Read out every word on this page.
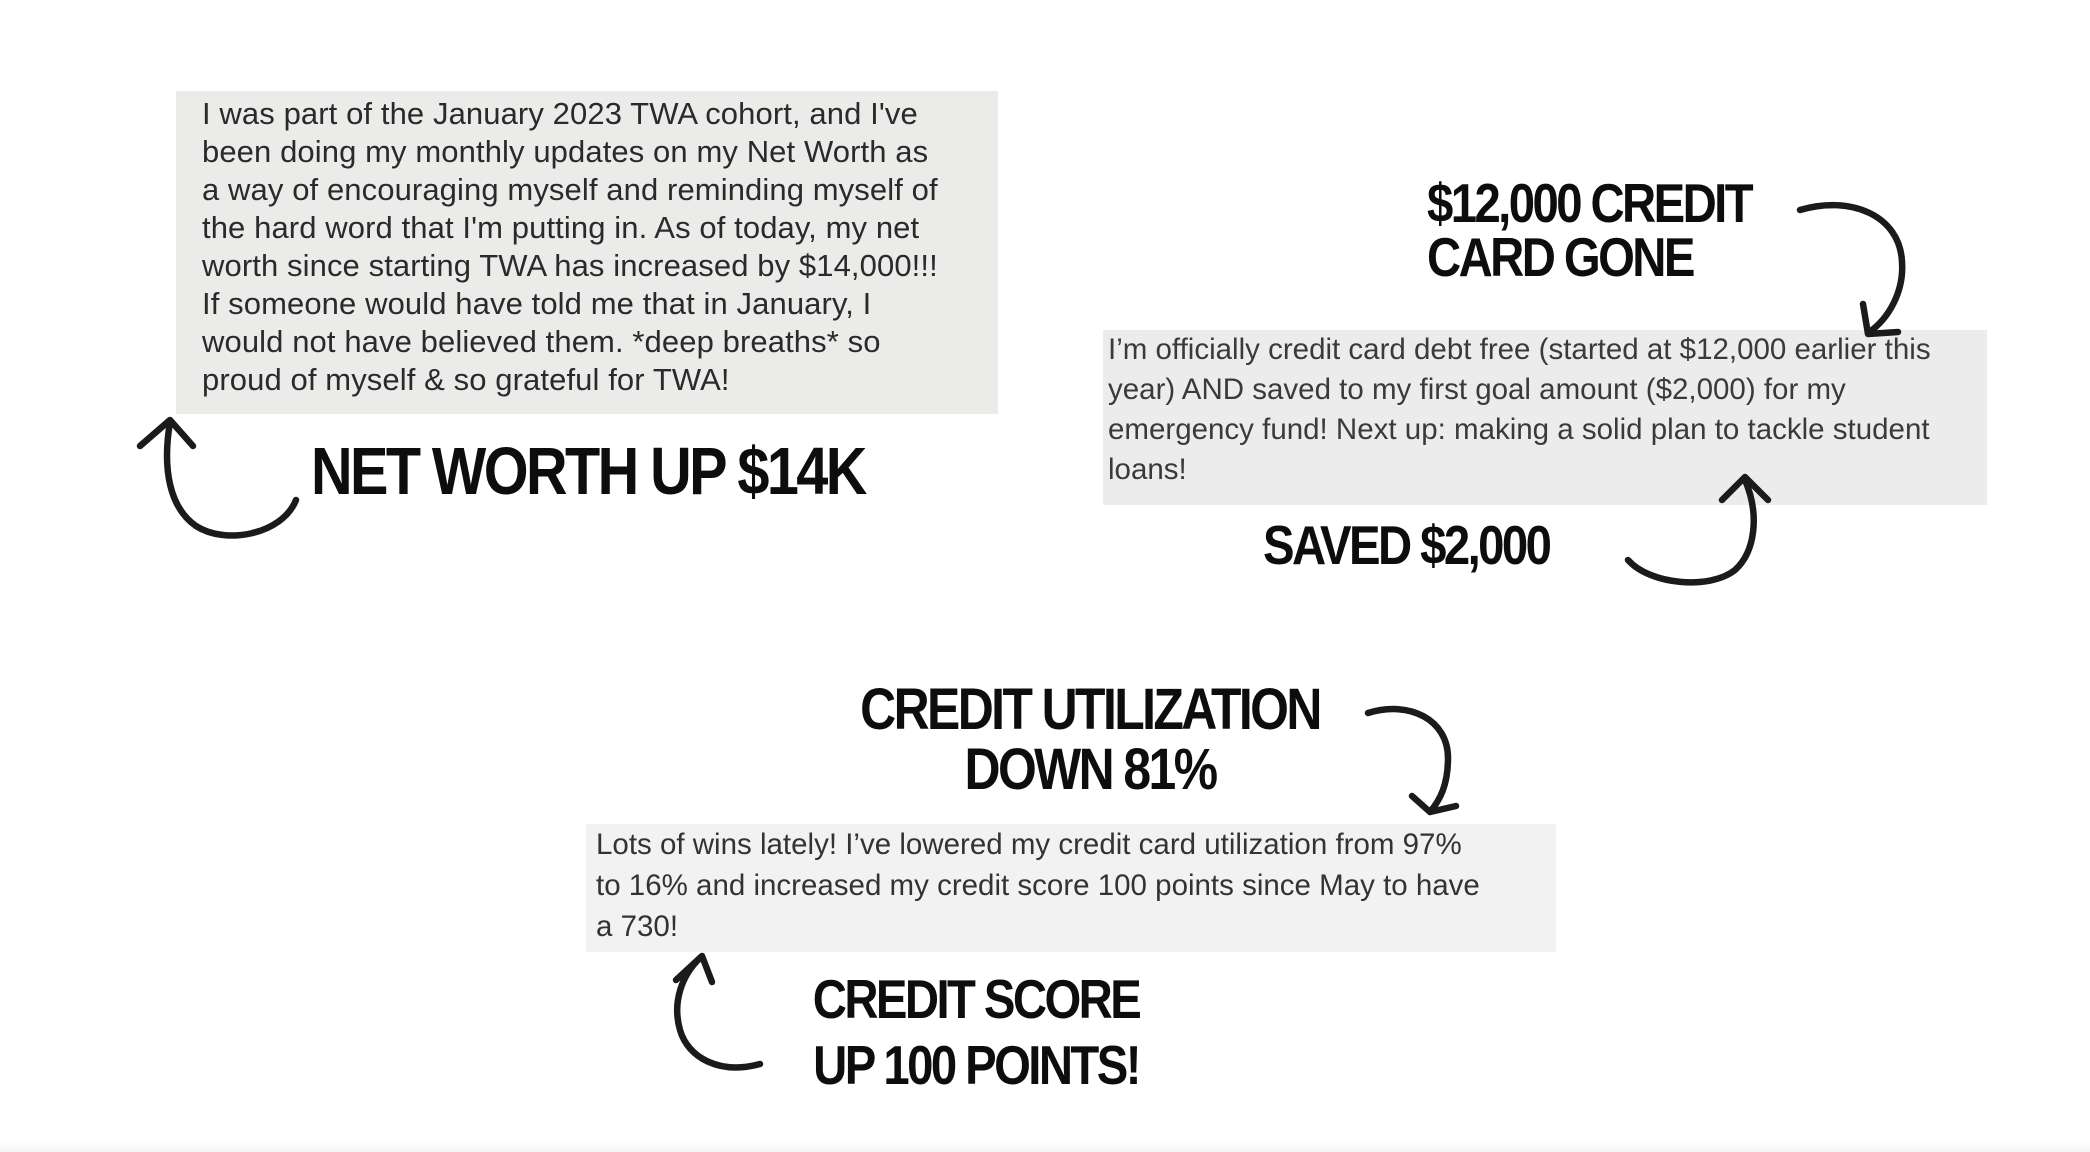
I was part of the January 2023 TWA cohort, and I've
been doing my monthly updates on my Net Worth as
a way of encouraging myself and reminding myself of
the hard word that I'm putting in. As of today, my net
worth since starting TWA has increased by $14,000!!!
If someone would have told me that in January, I
would not have believed them. *deep breaths* so
proud of myself & so grateful for TWA!
I’m officially credit card debt free (started at $12,000 earlier this
year) AND saved to my first goal amount ($2,000) for my
emergency fund! Next up: making a solid plan to tackle student
loans!
Lots of wins lately! I’ve lowered my credit card utilization from 97%
to 16% and increased my credit score 100 points since May to have
a 730!
NET WORTH UP $14K
$12,000 CREDIT
CARD GONE
SAVED $2,000
CREDIT UTILIZATION
DOWN 81%
CREDIT SCORE
UP 100 POINTS!
